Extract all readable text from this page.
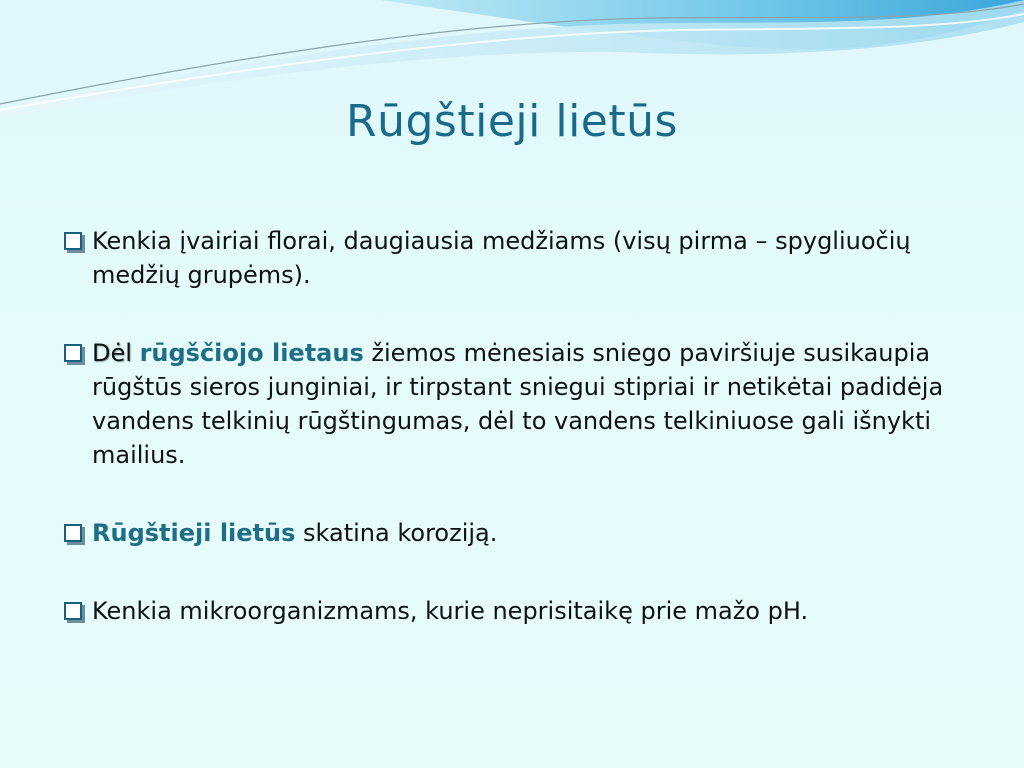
Rūgštieji lietūs
Kenkia įvairiai florai, daugiausia medžiams (visų pirma – spygliuočių medžių grupėms).
Dėl rūgščiojo lietaus žiemos mėnesiais sniego paviršiuje susikaupia rūgštūs sieros junginiai, ir tirpstant sniegui stipriai ir netikėtai padidėja vandens telkinių rūgštingumas, dėl to vandens telkiniuose gali išnykti mailius.
Rūgštieji lietūs skatina koroziją.
Kenkia mikroorganizmams, kurie neprisitaikę prie mažo pH.
